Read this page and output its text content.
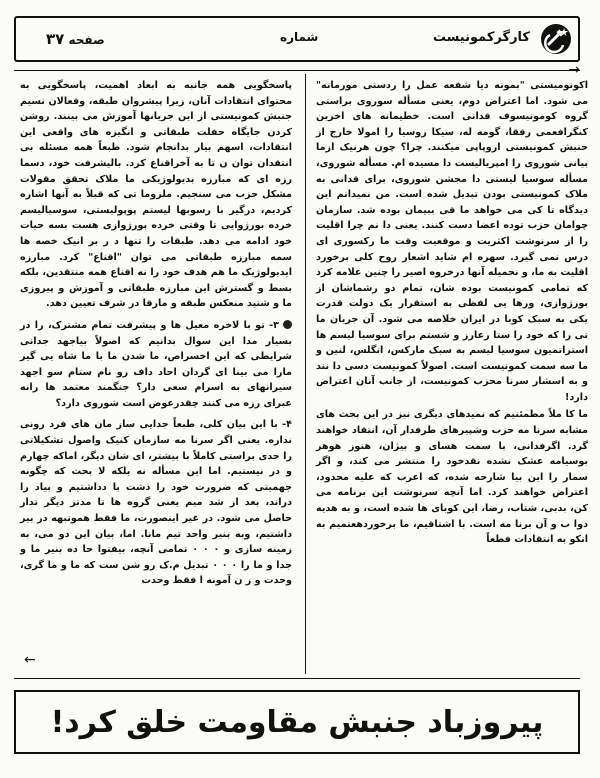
کارگرکمونیست
شماره
صفحه ۳۷
→

اکونومیستی "بمونه دیا شفعه عمل را ردستی مورمانه" می شود. اما اعتراض دوم، یعنی مسأله سوروی براستی گروه کومونیسوف قدانی است. خطیمانه های اخرین کنگرافعمی رفقا، گومه له، سیکا روسیا را امولا خارج از حنبش کمونیستی اروپاپی میکنند. چرا؟ چون هرنیک ازما بیانی شوروی را امپریالیست دا مسیده ام. مسأله شوروی، مسأله سوسیا لیستی دا مجشن شوروی، برای قدانی به ملاک کمونیستی بودن تبدیل شده است. من نمیدانم این دیدگاه تا کی می خواهد ما قی ببیمان بوده شد. سازمان چوامان حزب توده اعضا دست کنند. یعنی دا نم چرا اقلیت را از سرنوشت اکثریت و موقعیت وقت ما رکسوری ای درس نمی گیرد. سهره ام شاید اشعار روح کلی برخورد اقلیت به ما، و نحمیله آنها درخروه اصیر را چنین علامه کرد که تمامی کمونیست بوده شان، تمام دو رشماشان از بورژوازی، ورها یی لفظی به استقرار یک دولت قدرت یکی به سبک کوبا در ایران خلاصه می شود. آن جریان ما تی را که خود را ستا رعارز و شستم برای سوسیا لیسم ها استراتمیون سوسیا لیسم به سبک مارکس، انگلس، لنین و ما سه سمت کمونیست است. اصولاً کمونیست دسی دا نند و به اسشار سرنا محزب کمونیست، از جانب آنان اعتراض دارد!

ما کا ملاً مطمئنیم که نمیدهای دیگری نیز در این بحث های مشابه سرنا مه حزب وشپیرهای طرفدار آن، انتقاد خواهند گرد. اگرفدانی، با سمت هسای و بیژان، هنوز هوهر بوسیامه عشک نشده نقدخود را منتشر می کند، و اگر سمار را این بیا شارحه شده، که اعرب که علیه محدود، اعتراض خواهند کرد. اما آنچه سرنوشت این برنامه می کن، بدبی، شتاب، رضا، این کوبای ها شده است، و به هدیه دوا ب و آن برنا مه است. با اشتاقیم، ما برخوردهعتمیم به انکو به انتقادات فطعاً

پاسخگویی همه جانبه به ابعاد اهمیت، پاسخگویی به محتوای انتقادات آنان، زیرا پیشروان طبقه، وفعالان نسیم جنبش کمونیستی از این جریانها آموزش می بینند. روشن کردن جایگاه حفلت طبقاتی و انگیزه های واقعی این انتقادات، اسهم بیار بدانجام شود. طبعاً همه مسئله بی انتقدان توان ن تا به آخراقناع کرد. بالیشرفت خود، دسما رزه ای که مبارزه بدیولوژیکی ما ملاک تحقق مقولات مشکل حزب می سنجیم. ملزوما تی که قبلاً به آنها اشاره کردیم، درگیر با رسوبها لیستم پوپولیستی، سوسیالیسم خرده بورژوایی تا وقتی خرده بورژوازی هست بسه حیات خود ادامه می دهد. طبقات را تنها د ر بر انیک خصه ها سمه مبارزه طبقاتی می توان "اقناع" کرد. مبارزه ایدیولوژیک ما هم هدف خود را نه اقناع همه منتقدین، بلکه بسط و گسترش این مبارزه طبقاتی و آموزش و پیروزی ما و شنید منعکس طبقه و مارقا در شرف تعیین دهد.

۳- تو با لاخره معیل ها و پیشرفت تمام مشترک، را در بسیار مدا این سوال بدانیم که اصولاً بیاجهد جدانی شرایطی که این اخسراص، ما شدن ما با ما شاه یی گیر مارا می بینا ای گردان احاد داف رو نام ستام سو اجهد سیرانهای به اسرام سعی دار؟ جنگمند معتمد ها رانه عبرای رزه می کنند چقدرعوض است شوروی دارد؟

۴- با این بیان کلی، طبعاً جدایی ساز مان های فرد رونی نداره. یعنی اگر سرنا مه سازمان کنیک واصول تشکیلاتی را حدی براستی کاملاً با بیشتر، ای شان دیگر، اماکه چهارم و در نیستیم. اما این مسأله نه بلکه لا بحث که چگونه جهمیتی که ضرورت خود را ذشت با دداشتیم و بیاد را دراند، بعد از شد میم یعنی گروه ها تا مدتر دیگر تدار حاصل می شود. در غیر اینصورت، ما فقط هموتبهه در بیر داشتیم، وبه بنیر واحد تیم مانا. اما، بیان این دو می، به زمینه سازی و ۰ ۰ ۰ تمامی آنچه، بیفتوا حا ده بنیر ما و جدا و ما را ۰ ۰ ۰ تبدیل م.ک رو شن ست که ما و ما گری، وحدت و ز ن آمونه ا فقط وحدت

←
پیروزباد جنبش مقاومت خلق کرد!
